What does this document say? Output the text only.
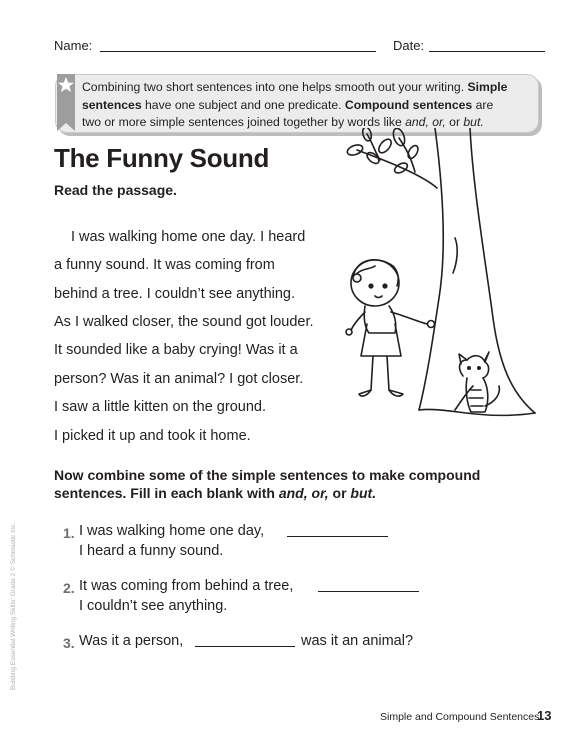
Name:	Date:
Combining two short sentences into one helps smooth out your writing. Simple
sentences have one subject and one predicate. Compound sentences are
two or more simple sentences joined together by words like and, or, or but.
The Funny Sound
Read the passage.
I was walking home one day. I heard
a funny sound. It was coming from
behind a tree. I couldn’t see anything.
As I walked closer, the sound got louder.
It sounded like a baby crying! Was it a
person? Was it an animal? I got closer.
I saw a little kitten on the ground.
I picked it up and took it home.
Now combine some of the simple sentences to make compound
sentences. Fill in each blank with and, or, or but.
1. I was walking home one day,
I heard a funny sound.
2. It was coming from behind a tree,
I couldn’t see anything.
3. Was it a person,	was it an animal?
Simple and Compound Sentences
13
Building Essential Writing Skills: Grade 2 © Scholastic Inc.
